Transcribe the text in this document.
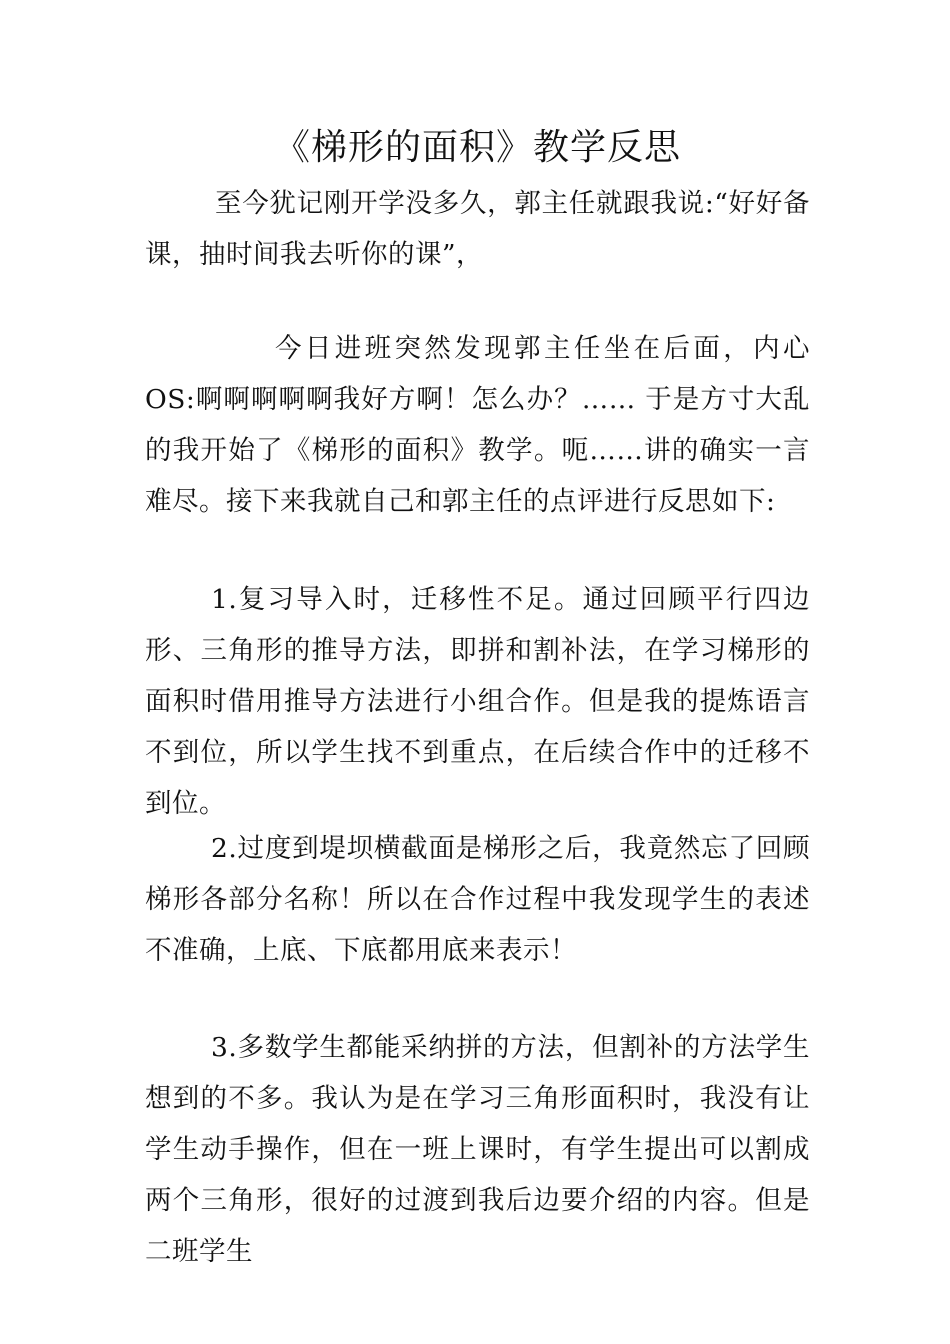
《梯形的面积》教学反思

至今犹记刚开学没多久，郭主任就跟我说:“好好备课，抽时间我去听你的课”，

今日进班突然发现郭主任坐在后面，内心OS:啊啊啊啊啊我好方啊！怎么办？…… 于是方寸大乱的我开始了《梯形的面积》教学。呃……讲的确实一言难尽。接下来我就自己和郭主任的点评进行反思如下:

1.复习导入时，迁移性不足。通过回顾平行四边形、三角形的推导方法，即拼和割补法，在学习梯形的面积时借用推导方法进行小组合作。但是我的提炼语言不到位，所以学生找不到重点，在后续合作中的迁移不到位。

2.过度到堤坝横截面是梯形之后，我竟然忘了回顾梯形各部分名称！所以在合作过程中我发现学生的表述不准确，上底、下底都用底来表示！

3.多数学生都能采纳拼的方法，但割补的方法学生想到的不多。我认为是在学习三角形面积时，我没有让学生动手操作，但在一班上课时，有学生提出可以割成两个三角形，很好的过渡到我后边要介绍的内容。但是二班学生
